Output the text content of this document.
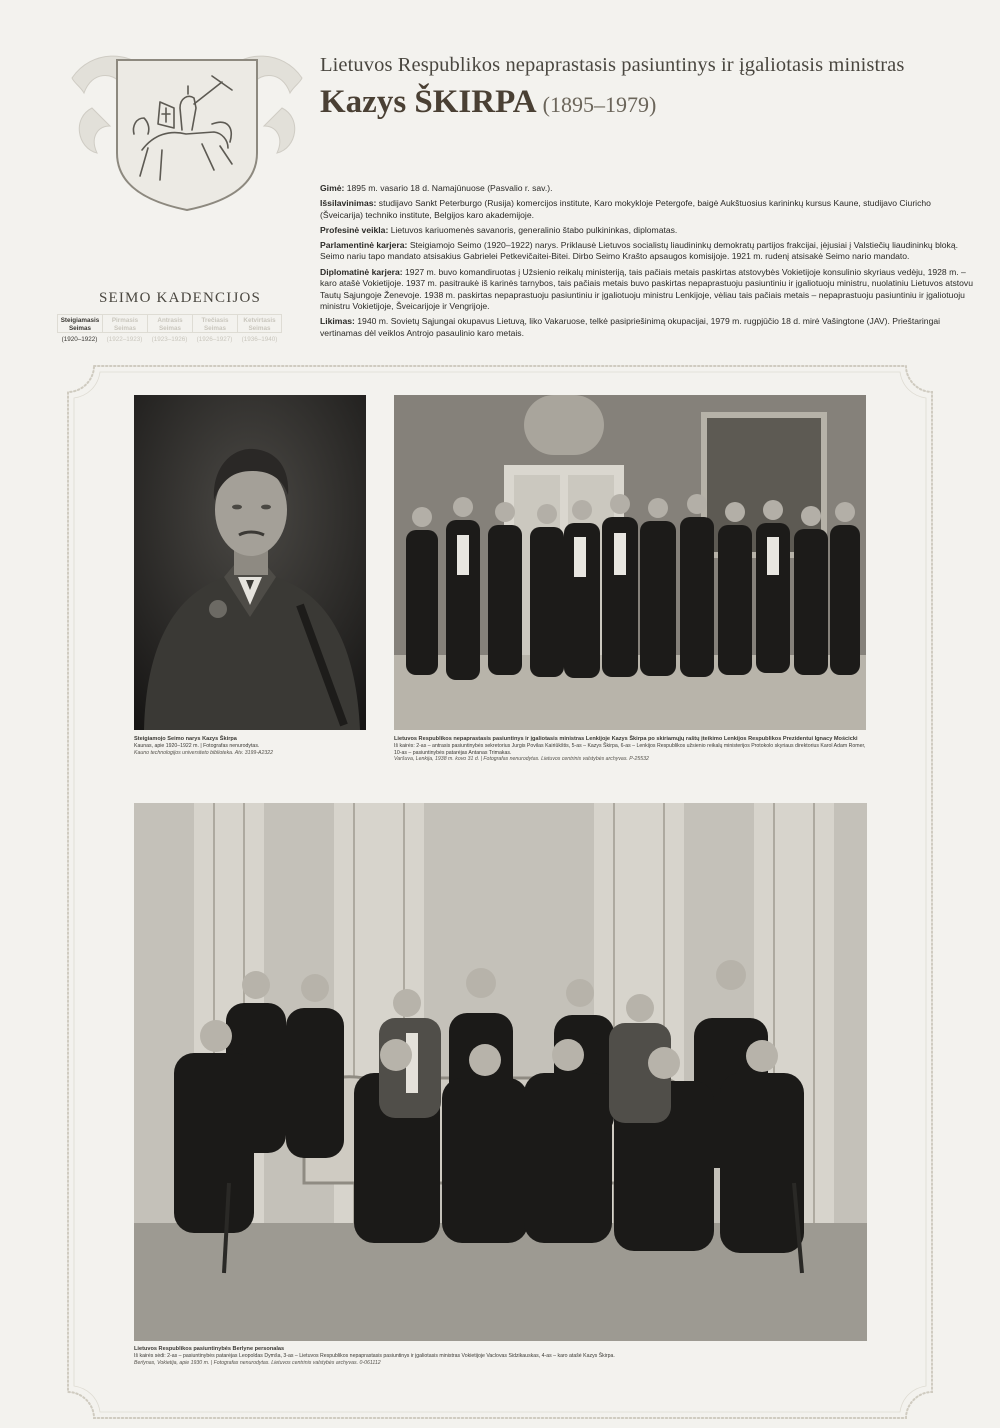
Lietuvos Respublikos nepaprastasis pasiuntinys ir įgaliotasis ministras
Kazys ŠKIRPA (1895–1979)
Gimė: 1895 m. vasario 18 d. Namajūnuose (Pasvalio r. sav.).
Išsilavinimas: studijavo Sankt Peterburgo (Rusija) komercijos institute, Karo mokykloje Petergofe, baigė Aukštuosius karininkų kursus Kaune, studijavo Ciuricho (Šveicarija) techniko institute, Belgijos karo akademijoje.
Profesinė veikla: Lietuvos kariuomenės savanoris, generalinio štabo pulkininkas, diplomatas.
Parlamentinė karjera: Steigiamojo Seimo (1920–1922) narys. Priklausė Lietuvos socialistų liaudininkų demokratų partijos frakcijai, įėjusiai į Valstiečių liaudininkų bloką. Seimo nariu tapo mandato atsisakius Gabrielei Petkevičaitei-Bitei. Dirbo Seimo Krašto apsaugos komisijoje. 1921 m. rudenį atsisakė Seimo nario mandato.
Diplomatinė karjera: 1927 m. buvo komandiruotas į Užsienio reikalų ministeriją, tais pačiais metais paskirtas atstovybės Vokietijoje konsulinio skyriaus vedėju, 1928 m. – karo atašė Vokietijoje. 1937 m. pasitraukė iš karinės tarnybos, tais pačiais metais buvo paskirtas nepaprastuoju pasiuntiniu ir įgaliotuoju ministru, nuolatiniu Lietuvos atstovu Tautų Sąjungoje Ženevoje. 1938 m. paskirtas nepaprastuoju pasiuntiniu ir įgaliotuoju ministru Lenkijoje, vėliau tais pačiais metais – nepaprastuoju pasiuntiniu ir įgaliotuoju ministru Vokietijoje, Šveicarijoje ir Vengrijoje.
Likimas: 1940 m. Sovietų Sąjungai okupavus Lietuvą, liko Vakaruose, telkė pasipriešinimą okupacijai, 1979 m. rugpjūčio 18 d. mirė Vašingtone (JAV). Prieštaringai vertinamas dėl veiklos Antrojo pasaulinio karo metais.
SEIMO KADENCIJOS
Steigiamasis Seimas
(1920–1922)
Pirmasis Seimas
(1922–1923)
Antrasis Seimas
(1923–1926)
Trečiasis Seimas
(1926–1927)
Ketvirtasis Seimas
(1936–1940)
Steigiamojo Seimo narys Kazys Škirpa
Kaunas, apie 1920–1922 m. | Fotografas nenurodytas.
Kauno technologijos universiteto biblioteka. Atv. 3199-A2322
Lietuvos Respublikos nepaprastasis pasiuntinys ir įgaliotasis ministras Lenkijoje Kazys Škirpa po skiriamųjų raštų įteikimo Lenkijos Respublikos Prezidentui Ignacy Mościcki
Iš kairės: 2-as – antrasis pasiuntinybės sekretorius Jurgis Povilas Kairiūkštis, 5-as – Kazys Škirpa, 6-as – Lenkijos Respublikos užsienio reikalų ministerijos Protokolo skyriaus direktorius Karol Adam Romer, 10-as – pasiuntinybės patarėjas Antanas Trimakas.
Varšuva, Lenkija, 1938 m. kovo 31 d. | Fotografas nenurodytas. Lietuvos centrinis valstybės archyvas. P-25532
Lietuvos Respublikos pasiuntinybės Berlyne personalas
Iš kairės sėdi: 2-as – pasiuntinybės patarėjas Leopoldas Dymša, 3-as – Lietuvos Respublikos nepaprastasis pasiuntinys ir įgaliotasis ministras Vokietijoje Vaclovas Sidzikauskas, 4-as – karo atašė Kazys Škirpa.
Berlynas, Vokietija, apie 1930 m. | Fotografas nenurodytas. Lietuvos centrinis valstybės archyvas. 0-061112
